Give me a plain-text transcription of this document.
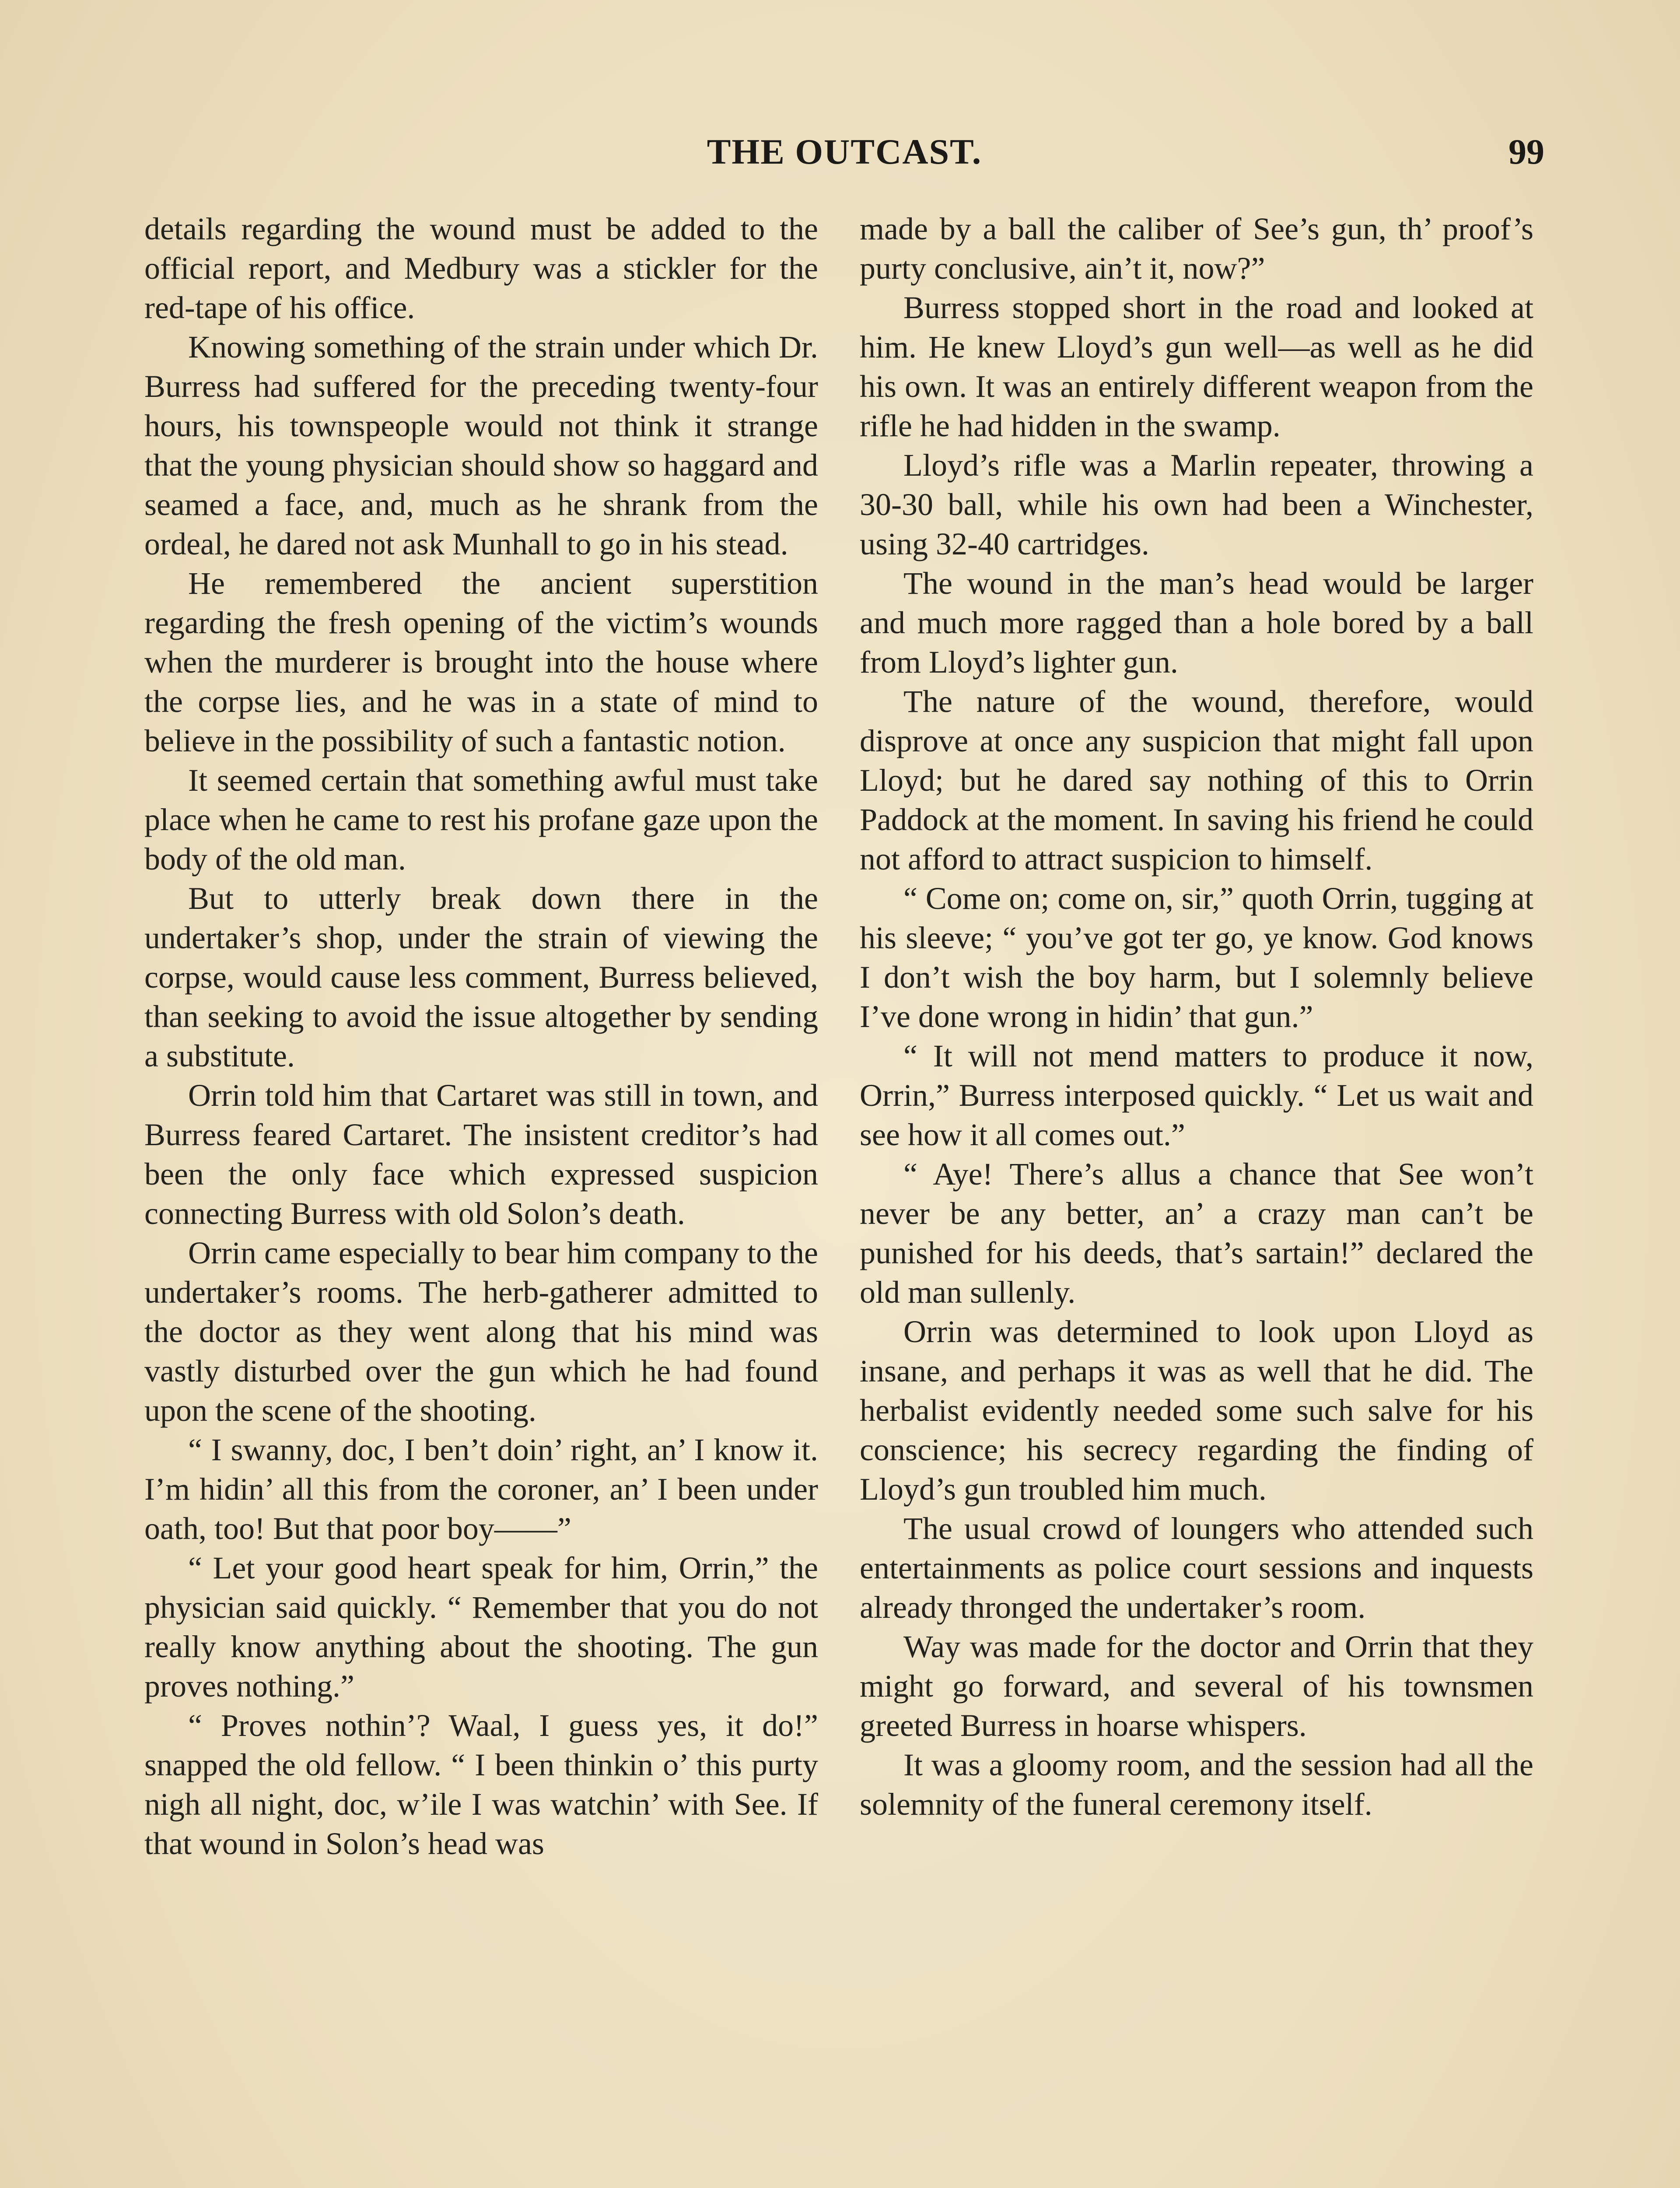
THE OUTCAST.	99

details regarding the wound must be added to the official report, and Medbury was a stickler for the red-tape of his office.

Knowing something of the strain under which Dr. Burress had suffered for the preceding twenty-four hours, his townspeople would not think it strange that the young physician should show so haggard and seamed a face, and, much as he shrank from the ordeal, he dared not ask Munhall to go in his stead.

He remembered the ancient superstition regarding the fresh opening of the victim’s wounds when the murderer is brought into the house where the corpse lies, and he was in a state of mind to believe in the possibility of such a fantastic notion.

It seemed certain that something awful must take place when he came to rest his profane gaze upon the body of the old man.

But to utterly break down there in the undertaker’s shop, under the strain of viewing the corpse, would cause less comment, Burress believed, than seeking to avoid the issue altogether by sending a substitute.

Orrin told him that Cartaret was still in town, and Burress feared Cartaret. The insistent creditor’s had been the only face which expressed suspicion connecting Burress with old Solon’s death.

Orrin came especially to bear him company to the undertaker’s rooms. The herb-gatherer admitted to the doctor as they went along that his mind was vastly disturbed over the gun which he had found upon the scene of the shooting.

“ I swanny, doc, I ben’t doin’ right, an’ I know it. I’m hidin’ all this from the coroner, an’ I been under oath, too! But that poor boy——”

“ Let your good heart speak for him, Orrin,” the physician said quickly. “ Remember that you do not really know anything about the shooting. The gun proves nothing.”

“ Proves nothin’? Waal, I guess yes, it do!” snapped the old fellow. “ I been thinkin o’ this purty nigh all night, doc, w’ile I was watchin’ with See. If that wound in Solon’s head was

made by a ball the caliber of See’s gun, th’ proof’s purty conclusive, ain’t it, now?”

Burress stopped short in the road and looked at him. He knew Lloyd’s gun well—as well as he did his own. It was an entirely different weapon from the rifle he had hidden in the swamp.

Lloyd’s rifle was a Marlin repeater, throwing a 30-30 ball, while his own had been a Winchester, using 32-40 cartridges.

The wound in the man’s head would be larger and much more ragged than a hole bored by a ball from Lloyd’s lighter gun.

The nature of the wound, therefore, would disprove at once any suspicion that might fall upon Lloyd; but he dared say nothing of this to Orrin Paddock at the moment. In saving his friend he could not afford to attract suspicion to himself.

“ Come on; come on, sir,” quoth Orrin, tugging at his sleeve; “ you’ve got ter go, ye know. God knows I don’t wish the boy harm, but I solemnly believe I’ve done wrong in hidin’ that gun.”

“ It will not mend matters to produce it now, Orrin,” Burress interposed quickly. “ Let us wait and see how it all comes out.”

“ Aye! There’s allus a chance that See won’t never be any better, an’ a crazy man can’t be punished for his deeds, that’s sartain!” declared the old man sullenly.

Orrin was determined to look upon Lloyd as insane, and perhaps it was as well that he did. The herbalist evidently needed some such salve for his conscience; his secrecy regarding the finding of Lloyd’s gun troubled him much.

The usual crowd of loungers who attended such entertainments as police court sessions and inquests already thronged the undertaker’s room.

Way was made for the doctor and Orrin that they might go forward, and several of his townsmen greeted Burress in hoarse whispers.

It was a gloomy room, and the session had all the solemnity of the funeral ceremony itself.
